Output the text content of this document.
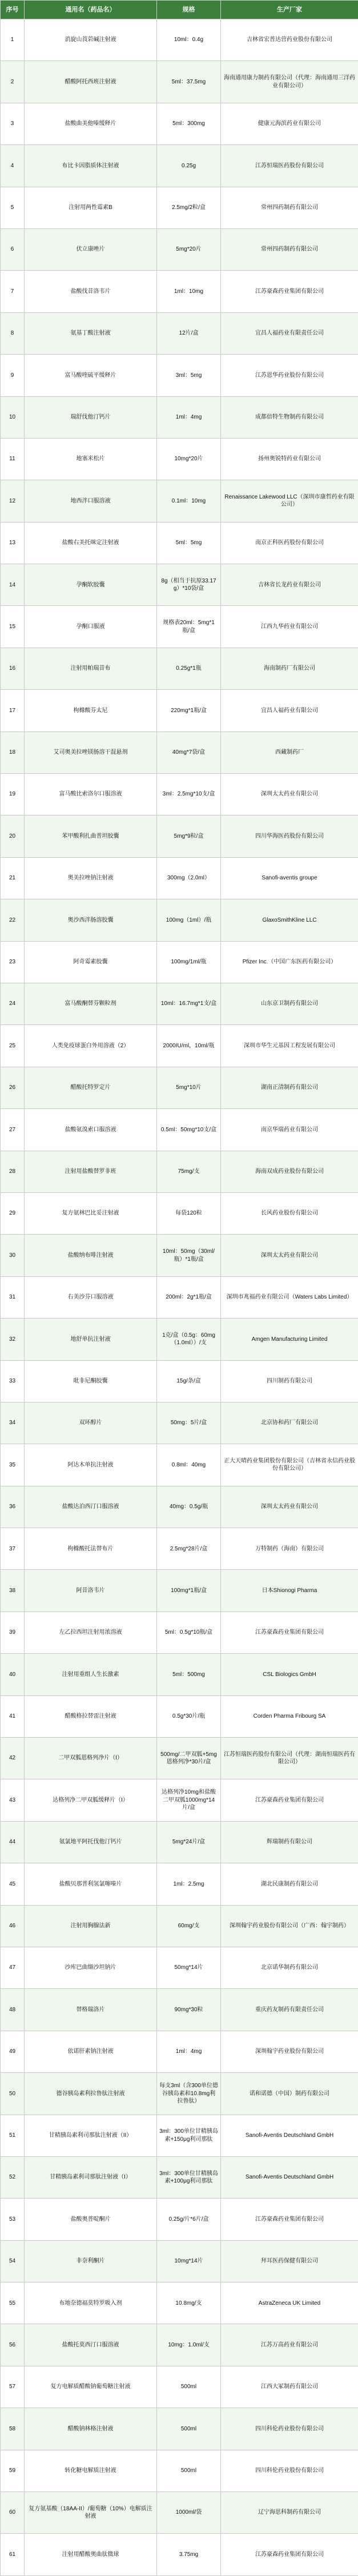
序号	通用名（药品名）	规格	生产厂家
1	消旋山莨菪碱注射液	10ml：0.4g	吉林省宏普达营药业股份有限公司
2	醋酸阿托西班注射液	5ml：37.5mg	海南通用康力制药有限公司（代理：海南通用三洋药业有限公司）
3	盐酸曲美他嗪缓释片	5ml：300mg	健康元海滨药业有限公司
4	布比卡因脂质体注射液	0.25g	江苏恒瑞医药股份有限公司
5	注射用两性霉素B	2.5mg/2粒/盒	常州四药制药有限公司
6	伏立康唑片	5mg*20片	常州四药制药有限公司
7	盐酸伐昔洛韦片	1ml：10mg	江苏豪森药业集团有限公司
8	氨基丁酸注射液	12片/盒	宜昌人福药业有限责任公司
9	富马酸喹硫平缓释片	3ml：5mg	江苏恩华药业股份有限公司
10	瑞舒伐他汀钙片	1ml：4mg	成都倍特生物制药有限公司
11	地塞米松片	10mg*20片	扬州奥锐特药业有限公司
12	地西泮口服溶液	0.1ml：10mg	Renaissance Lakewood LLC（深圳市康哲药业有限公司）
13	盐酸右美托咪定注射液	5ml：5mg	南京正科医药股份有限公司
14	孕酮软胶囊	8g（相当于抗原33.17g）*10袋/盒	吉林省长龙药业有限公司
15	孕酮口服液	规格表20ml：5mg*1瓶/盒	江西九华药业有限公司
16	注射用帕瑞昔布	0.25g*1瓶	海南制药厂有限公司
17	枸橼酸芬太尼	220mg*1瓶/盒	宜昌人福药业有限公司
18	艾司奥美拉唑镁肠溶干混悬剂	40mg*7袋/盒	西藏制药厂
19	富马酸比索洛尔口服溶液	3ml：2.5mg*10支/盒	深圳太太药业有限公司
20	苯甲酸利扎曲普坦胶囊	5mg*9粒/盒	四川华海医药股份有限公司
21	奥美拉唑钠注射液	300mg（2.0ml）	Sanofi-aventis groupe
22	奥沙西泮肠溶胶囊	100mg（1ml）/瓶	GlaxoSmithKline LLC
23	阿奇霉素胶囊	100mg/1ml/瓶	Pfizer Inc.（中国广东医药有限公司）
24	富马酸酮替芬颗粒剂	10ml：16.7mg*1支/盒	山东京卫制药有限公司
25	人类免疫球蛋白外用溶液（2）	2000IU/ml，10ml/瓶	深圳市华生元基因工程发展有限公司
26	醋酸托特罗定片	5mg*10片	湖南正清制药有限公司
27	盐酸氨溴索口服溶液	0.5ml：50mg*10支/盒	南京华瑞药业有限公司
28	注射用盐酸替罗非班	75mg/支	海南双成药业股份有限公司
29	复方氨林巴比妥注射液	每袋120粒	长风药业股份有限公司
30	盐酸纳布啡注射液	10ml：50mg（30ml/瓶）*1瓶/盒	深圳太太药业有限公司
31	右美沙芬口服溶液	200ml：2g*1瓶/盒	深圳市兆福药业有限公司（Waters Labs Limited）
32	地舒单抗注射液	1克/盒（0.5g：60mg（1.0ml））/支	Amgen Manufacturing Limited
33	吡非尼酮胶囊	15g/条/盒	四川制药有限公司
34	双环醇片	50mg：5片/盒	北京协和药厂有限公司
35	阿达木单抗注射液	0.8ml：40mg	正大天晴药业集团股份有限公司（吉林省永信药业股份有限公司）
36	盐酸达泊西汀口服溶液	40mg：0.5g/瓶	深圳太太药业有限公司
37	枸橼酸托法替布片	2.5mg*28片/盒	万特制药（海南）有限公司
38	阿昔洛韦片	100mg*1瓶/盒	日本Shionogi Pharma
39	左乙拉西坦注射用浓溶液	5ml：0.5g*10瓶/盒	江苏豪森药业集团有限公司
40	注射用重组人生长激素	5ml：500mg	CSL Biologics GmbH
41	醋酸格拉替雷注射液	0.5g*30片/瓶	Corden Pharma Fribourg SA
42	二甲双胍恩格列净片（I）	500mg/二甲双胍+5mg恩格列净*30片/盒	江苏恒瑞医药股份有限公司（代理：湖南恒瑞医药有限公司）
43	达格列净二甲双胍缓释片（I）	达格列净10mg和盐酸二甲双胍1000mg*14片/盒	江苏豪森药业集团有限公司
44	氨氯地平阿托伐他汀钙片	5mg*24片/盒	辉瑞制药有限公司
45	盐酸贝那普利氢氯噻嗪片	1ml：2.5mg	湖北民康制药有限公司
46	注射用胸腺法新	60mg/支	深圳翰宇药业股份有限公司（广西：翰宇制药）
47	沙库巴曲缬沙坦钠片	50mg*14片	北京诺华制药有限公司
48	替格瑞洛片	90mg*30粒	重庆药友制药有限责任公司
49	依诺肝素钠注射液	1ml：4mg	深圳翰宇药业股份有限公司
50	德谷胰岛素利拉鲁肽注射液	每支3ml（含300单位德谷胰岛素和10.8mg利拉鲁肽）	诺和诺德（中国）制药有限公司
51	甘精胰岛素利司那肽注射液（II）	3ml：300单位甘精胰岛素+150μg利司那肽	Sanofi-Aventis Deutschland GmbH
52	甘精胰岛素利司那肽注射液（I）	3ml：300单位甘精胰岛素+100μg利司那肽	Sanofi-Aventis Deutschland GmbH
53	盐酸奥普啶酮片	0.25g/片*6片/盒	江苏豪森药业集团有限公司
54	非奈利酮片	10mg*14片	拜耳医药保健有限公司
55	布地奈德福莫特罗吸入剂	10.8mg/支	AstraZeneca UK Limited
56	盐酸托莫西汀口服溶液	10mg：1.0ml/支	江苏万高药业有限公司
57	复方电解质醋酸钠葡萄糖注射液	500ml	江西大冢制药有限公司
58	醋酸钠林格注射液	500ml	四川科伦药业股份有限公司
59	转化糖电解质注射液	500ml	四川科伦药业股份有限公司
60	复方氨基酸（18AA-II）/葡萄糖（10%）电解质注射液	1000ml/袋	辽宁海思科制药有限公司
61	注射用醋酸奥曲肽微球	3.75mg	江苏豪森药业集团有限公司
